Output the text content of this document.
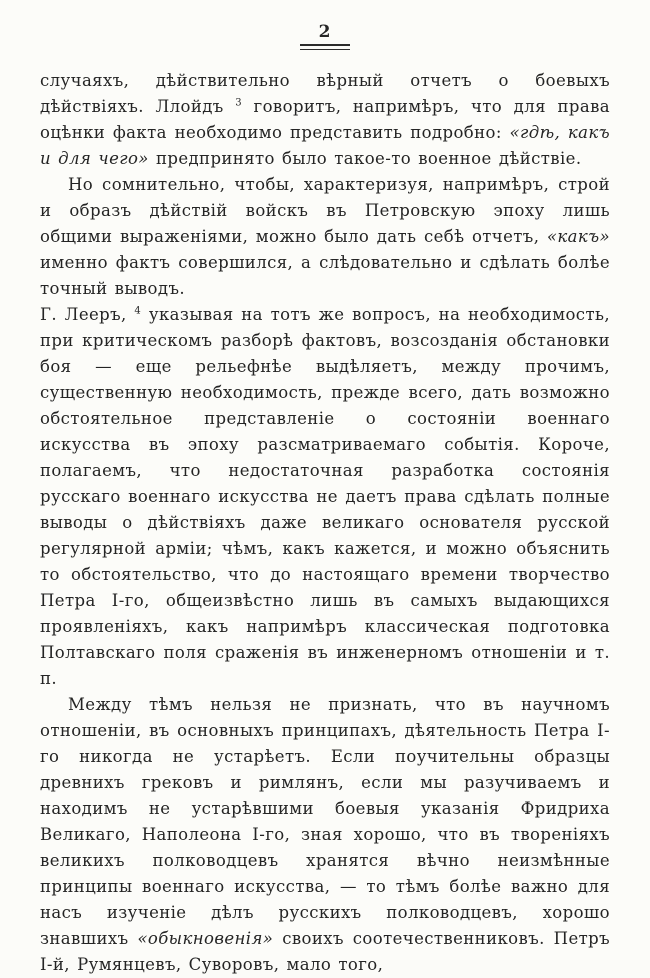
2

случаяхъ, дѣйствительно вѣрный отчетъ о боевыхъ дѣйствіяхъ. Ллойдъ $^3$ говоритъ, напримѣръ, что для права оцѣнки факта необходимо представить подробно: «гдѣ, какъ и для чего» предпринято было такое-то военное дѣйствіе.

Но сомнительно, чтобы, характеризуя, напримѣръ, строй и образъ дѣйствій войскъ въ Петровскую эпоху лишь общими выраженіями, можно было дать себѣ отчетъ, «какъ» именно фактъ совершился, а слѣдовательно и сдѣлать болѣе точный выводъ.

Г. Лееръ, $^4$ указывая на тотъ же вопросъ, на необходимость, при критическомъ разборѣ фактовъ, возсозданія обстановки боя — еще рельефнѣе выдѣляетъ, между прочимъ, существенную необходимость, прежде всего, дать возможно обстоятельное представленіе о состояніи военнаго искусства въ эпоху разсматриваемаго событія. Короче, полагаемъ, что недостаточная разработка состоянія русскаго военнаго искусства не даетъ права сдѣлать полные выводы о дѣйствіяхъ даже великаго основателя русской регулярной арміи; чѣмъ, какъ кажется, и можно объяснить то обстоятельство, что до настоящаго времени творчество Петра I-го, общеизвѣстно лишь въ самыхъ выдающихся проявленіяхъ, какъ напримѣръ классическая подготовка Полтавскаго поля сраженія въ инженерномъ отношеніи и т. п.

Между тѣмъ нельзя не признать, что въ научномъ отношеніи, въ основныхъ принципахъ, дѣятельность Петра I-го никогда не устарѣетъ. Если поучительны образцы древнихъ грековъ и римлянъ, если мы разучиваемъ и находимъ не устарѣвшими боевыя указанія Фридриха Великаго, Наполеона I-го, зная хорошо, что въ твореніяхъ великихъ полководцевъ хранятся вѣчно неизмѣнные принципы военнаго искусства, — то тѣмъ болѣе важно для насъ изученіе дѣлъ русскихъ полководцевъ, хорошо знавшихъ «обыкновенія» своихъ соотечественниковъ. Петръ I-й, Румянцевъ, Суворовъ, мало того,
